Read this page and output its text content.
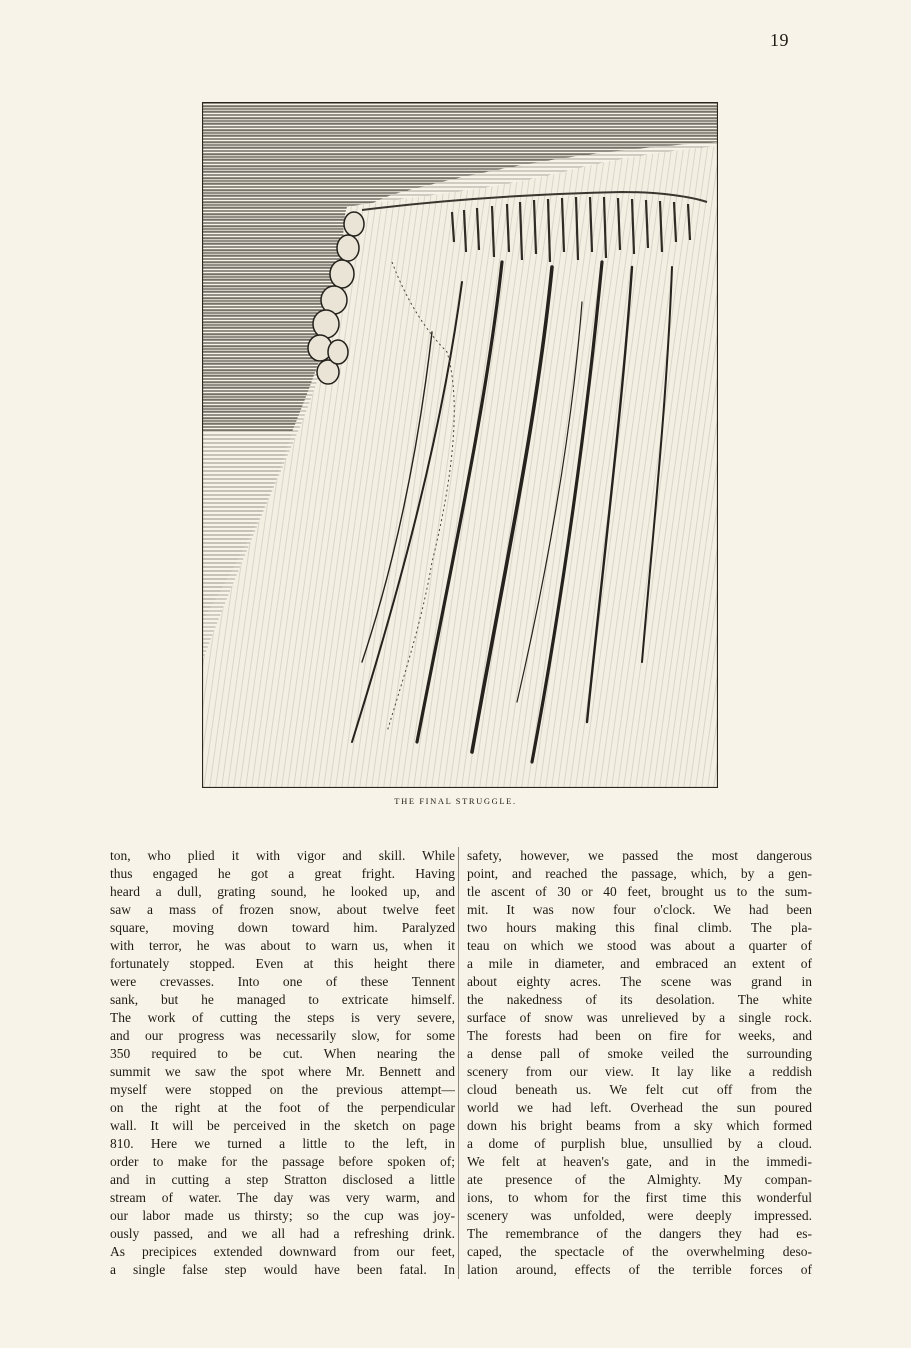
19
THE FINAL STRUGGLE.
ton, who plied it with vigor and skill. While
thus engaged he got a great fright. Having
heard a dull, grating sound, he looked up, and
saw a mass of frozen snow, about twelve feet
square, moving down toward him. Paralyzed
with terror, he was about to warn us, when it
fortunately stopped. Even at this height there
were crevasses. Into one of these Tennent
sank, but he managed to extricate himself.
The work of cutting the steps is very severe,
and our progress was necessarily slow, for some
350 required to be cut. When nearing the
summit we saw the spot where Mr. Bennett and
myself were stopped on the previous attempt—
on the right at the foot of the perpendicular
wall. It will be perceived in the sketch on page
810. Here we turned a little to the left, in
order to make for the passage before spoken of;
and in cutting a step Stratton disclosed a little
stream of water. The day was very warm, and
our labor made us thirsty; so the cup was joy-
ously passed, and we all had a refreshing drink.
As precipices extended downward from our feet,
a single false step would have been fatal. In
safety, however, we passed the most dangerous
point, and reached the passage, which, by a gen-
tle ascent of 30 or 40 feet, brought us to the sum-
mit. It was now four o'clock. We had been
two hours making this final climb. The pla-
teau on which we stood was about a quarter of
a mile in diameter, and embraced an extent of
about eighty acres. The scene was grand in
the nakedness of its desolation. The white
surface of snow was unrelieved by a single rock.
The forests had been on fire for weeks, and
a dense pall of smoke veiled the surrounding
scenery from our view. It lay like a reddish
cloud beneath us. We felt cut off from the
world we had left. Overhead the sun poured
down his bright beams from a sky which formed
a dome of purplish blue, unsullied by a cloud.
We felt at heaven's gate, and in the immedi-
ate presence of the Almighty. My compan-
ions, to whom for the first time this wonderful
scenery was unfolded, were deeply impressed.
The remembrance of the dangers they had es-
caped, the spectacle of the overwhelming deso-
lation around, effects of the terrible forces of
